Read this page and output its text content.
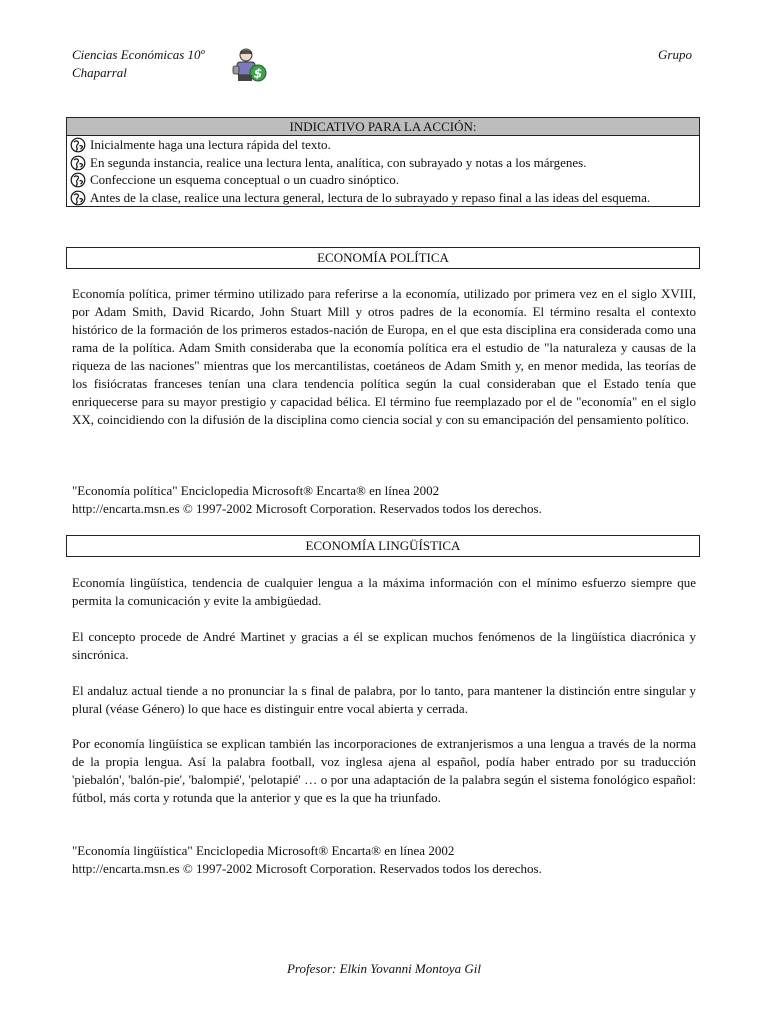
Ciencias Económicas 10º
Chaparral	$
Grupo
INDICATIVO PARA LA ACCIÓN:
Inicialmente haga una lectura rápida del texto.
En segunda instancia, realice una lectura lenta, analítica, con subrayado y notas a los márgenes.
Confeccione un esquema conceptual o un cuadro sinóptico.
Antes de la clase, realice una lectura general, lectura de lo subrayado y repaso final a las ideas del esquema.
ECONOMÍA POLÍTICA
Economía política, primer término utilizado para referirse a la economía, utilizado por primera vez en el siglo XVIII, por Adam Smith, David Ricardo, John Stuart Mill y otros padres de la economía. El término resalta el contexto histórico de la formación de los primeros estados-nación de Europa, en el que esta disciplina era considerada como una rama de la política. Adam Smith consideraba que la economía política era el estudio de "la naturaleza y causas de la riqueza de las naciones" mientras que los mercantilistas, coetáneos de Adam Smith y, en menor medida, las teorías de los fisiócratas franceses tenían una clara tendencia política según la cual consideraban que el Estado tenía que enriquecerse para su mayor prestigio y capacidad bélica. El término fue reemplazado por el de "economía" en el siglo XX, coincidiendo con la difusión de la disciplina como ciencia social y con su emancipación del pensamiento político.
"Economía política" Enciclopedia Microsoft® Encarta® en línea 2002
http://encarta.msn.es © 1997-2002 Microsoft Corporation. Reservados todos los derechos.
ECONOMÍA LINGÜÍSTICA
Economía lingüística, tendencia de cualquier lengua a la máxima información con el mínimo esfuerzo siempre que permita la comunicación y evite la ambigüedad.
El concepto procede de André Martinet y gracias a él se explican muchos fenómenos de la lingüística diacrónica y sincrónica.
El andaluz actual tiende a no pronunciar la s final de palabra, por lo tanto, para mantener la distinción entre singular y plural (véase Género) lo que hace es distinguir entre vocal abierta y cerrada.
Por economía lingüística se explican también las incorporaciones de extranjerismos a una lengua a través de la norma de la propia lengua. Así la palabra football, voz inglesa ajena al español, podía haber entrado por su traducción 'piebalón', 'balón-pie', 'balompié', 'pelotapié' … o por una adaptación de la palabra según el sistema fonológico español: fútbol, más corta y rotunda que la anterior y que es la que ha triunfado.
"Economía lingüística" Enciclopedia Microsoft® Encarta® en línea 2002
http://encarta.msn.es © 1997-2002 Microsoft Corporation. Reservados todos los derechos.
Profesor: Elkin Yovanni Montoya Gil
